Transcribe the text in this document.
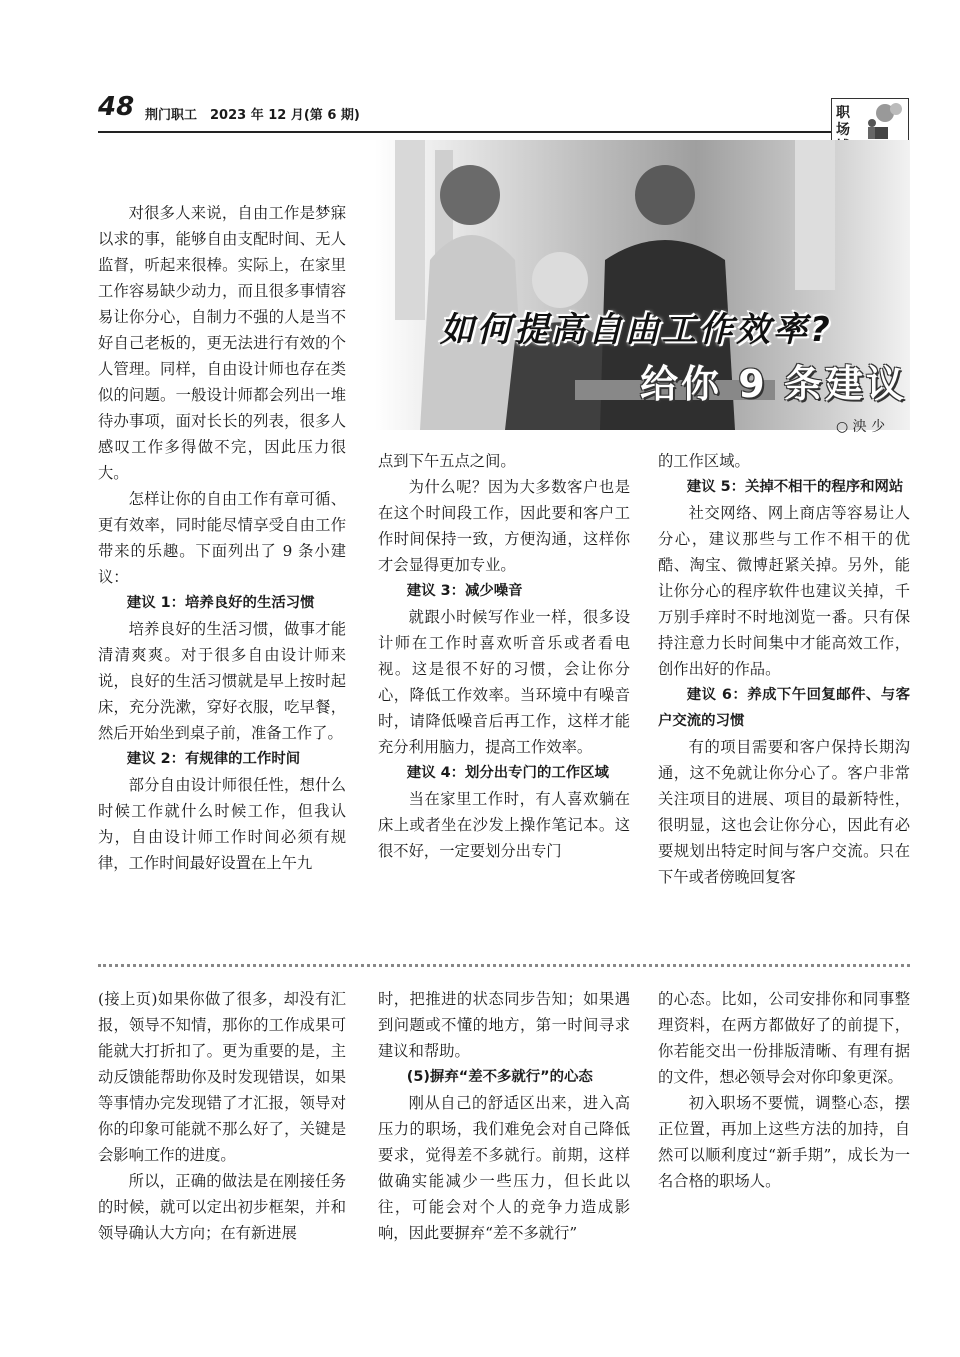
48 荆门职工　2023 年 12 月(第 6 期)	职场
如何提高自由工作效率?
给你 9 条建议
○ 泱 少

对很多人来说，自由工作是梦寐以求的事，能够自由支配时间、无人监督，听起来很棒。实际上，在家里工作容易缺少动力，而且很多事情容易让你分心，自制力不强的人是当不好自己老板的，更无法进行有效的个人管理。同样，自由设计师也存在类似的问题。一般设计师都会列出一堆待办事项，面对长长的列表，很多人感叹工作多得做不完，因此压力很大。

怎样让你的自由工作有章可循、更有效率，同时能尽情享受自由工作带来的乐趣。下面列出了 9 条小建议：

建议 1：培养良好的生活习惯

培养良好的生活习惯，做事才能清清爽爽。对于很多自由设计师来说，良好的生活习惯就是早上按时起床，充分洗漱，穿好衣服，吃早餐，然后开始坐到桌子前，准备工作了。

建议 2：有规律的工作时间

部分自由设计师很任性，想什么时候工作就什么时候工作，但我认为，自由设计师工作时间必须有规律，工作时间最好设置在上午九

点到下午五点之间。

为什么呢？因为大多数客户也是在这个时间段工作，因此要和客户工作时间保持一致，方便沟通，这样你才会显得更加专业。

建议 3：减少噪音

就跟小时候写作业一样，很多设计师在工作时喜欢听音乐或者看电视。这是很不好的习惯，会让你分心，降低工作效率。当环境中有噪音时，请降低噪音后再工作，这样才能充分利用脑力，提高工作效率。

建议 4：划分出专门的工作区域

当在家里工作时，有人喜欢躺在床上或者坐在沙发上操作笔记本。这很不好，一定要划分出专门

的工作区域。

建议 5：关掉不相干的程序和网站

社交网络、网上商店等容易让人分心，建议那些与工作不相干的优酷、淘宝、微博赶紧关掉。另外，能让你分心的程序软件也建议关掉，千万别手痒时不时地浏览一番。只有保持注意力长时间集中才能高效工作，创作出好的作品。

建议 6：养成下午回复邮件、与客户交流的习惯

有的项目需要和客户保持长期沟通，这不免就让你分心了。客户非常关注项目的进展、项目的最新特性，很明显，这也会让你分心，因此有必要规划出特定时间与客户交流。只在下午或者傍晚回复客

(接上页)如果你做了很多，却没有汇报，领导不知情，那你的工作成果可能就大打折扣了。更为重要的是，主动反馈能帮助你及时发现错误，如果等事情办完发现错了才汇报，领导对你的印象可能就不那么好了，关键是会影响工作的进度。

所以，正确的做法是在刚接任务的时候，就可以定出初步框架，并和领导确认大方向；在有新进展

时，把推进的状态同步告知；如果遇到问题或不懂的地方，第一时间寻求建议和帮助。

(5)摒弃“差不多就行”的心态

刚从自己的舒适区出来，进入高压力的职场，我们难免会对自己降低要求，觉得差不多就行。前期，这样做确实能减少一些压力，但长此以往，可能会对个人的竞争力造成影响，因此要摒弃“差不多就行”

的心态。比如，公司安排你和同事整理资料，在两方都做好了的前提下，你若能交出一份排版清晰、有理有据的文件，想必领导会对你印象更深。

初入职场不要慌，调整心态，摆正位置，再加上这些方法的加持，自然可以顺利度过“新手期”，成长为一名合格的职场人。
